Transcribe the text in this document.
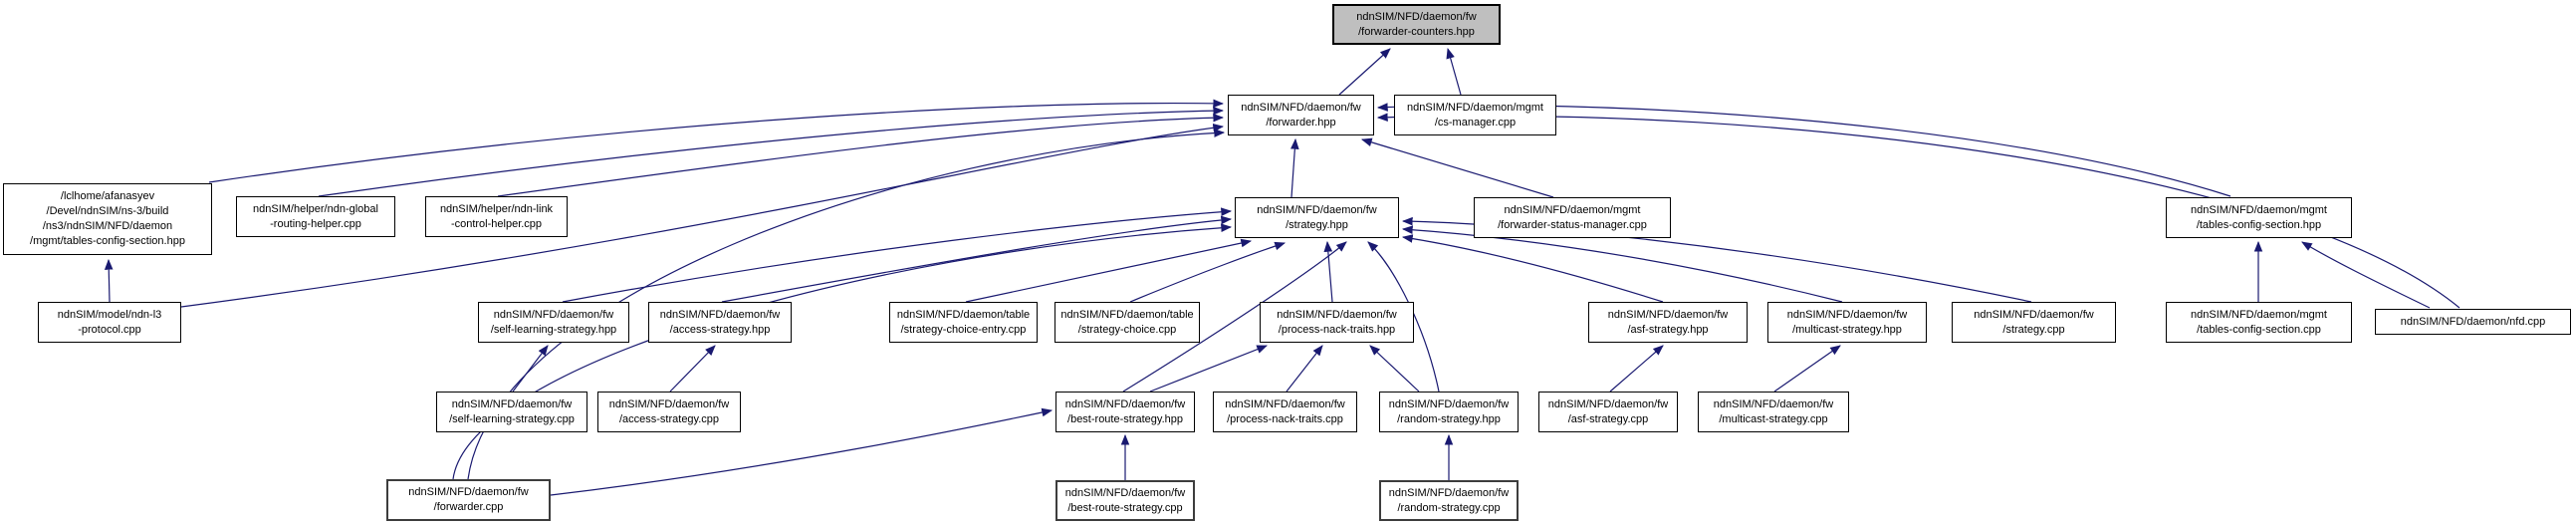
ndnSIM/NFD/daemon/fw
/forwarder-counters.hpp
ndnSIM/NFD/daemon/fw
/forwarder.hpp
ndnSIM/NFD/daemon/mgmt
/cs-manager.cpp
/lclhome/afanasyev
/Devel/ndnSIM/ns-3/build
/ns3/ndnSIM/NFD/daemon
/mgmt/tables-config-section.hpp
ndnSIM/helper/ndn-global
-routing-helper.cpp
ndnSIM/helper/ndn-link
-control-helper.cpp
ndnSIM/NFD/daemon/fw
/strategy.hpp
ndnSIM/NFD/daemon/mgmt
/forwarder-status-manager.cpp
ndnSIM/NFD/daemon/mgmt
/tables-config-section.hpp
ndnSIM/model/ndn-l3
-protocol.cpp
ndnSIM/NFD/daemon/fw
/self-learning-strategy.hpp
ndnSIM/NFD/daemon/fw
/access-strategy.hpp
ndnSIM/NFD/daemon/table
/strategy-choice-entry.cpp
ndnSIM/NFD/daemon/table
/strategy-choice.cpp
ndnSIM/NFD/daemon/fw
/process-nack-traits.hpp
ndnSIM/NFD/daemon/fw
/asf-strategy.hpp
ndnSIM/NFD/daemon/fw
/multicast-strategy.hpp
ndnSIM/NFD/daemon/fw
/strategy.cpp
ndnSIM/NFD/daemon/mgmt
/tables-config-section.cpp
ndnSIM/NFD/daemon/nfd.cpp
ndnSIM/NFD/daemon/fw
/self-learning-strategy.cpp
ndnSIM/NFD/daemon/fw
/access-strategy.cpp
ndnSIM/NFD/daemon/fw
/best-route-strategy.hpp
ndnSIM/NFD/daemon/fw
/process-nack-traits.cpp
ndnSIM/NFD/daemon/fw
/random-strategy.hpp
ndnSIM/NFD/daemon/fw
/asf-strategy.cpp
ndnSIM/NFD/daemon/fw
/multicast-strategy.cpp
ndnSIM/NFD/daemon/fw
/forwarder.cpp
ndnSIM/NFD/daemon/fw
/best-route-strategy.cpp
ndnSIM/NFD/daemon/fw
/random-strategy.cpp
